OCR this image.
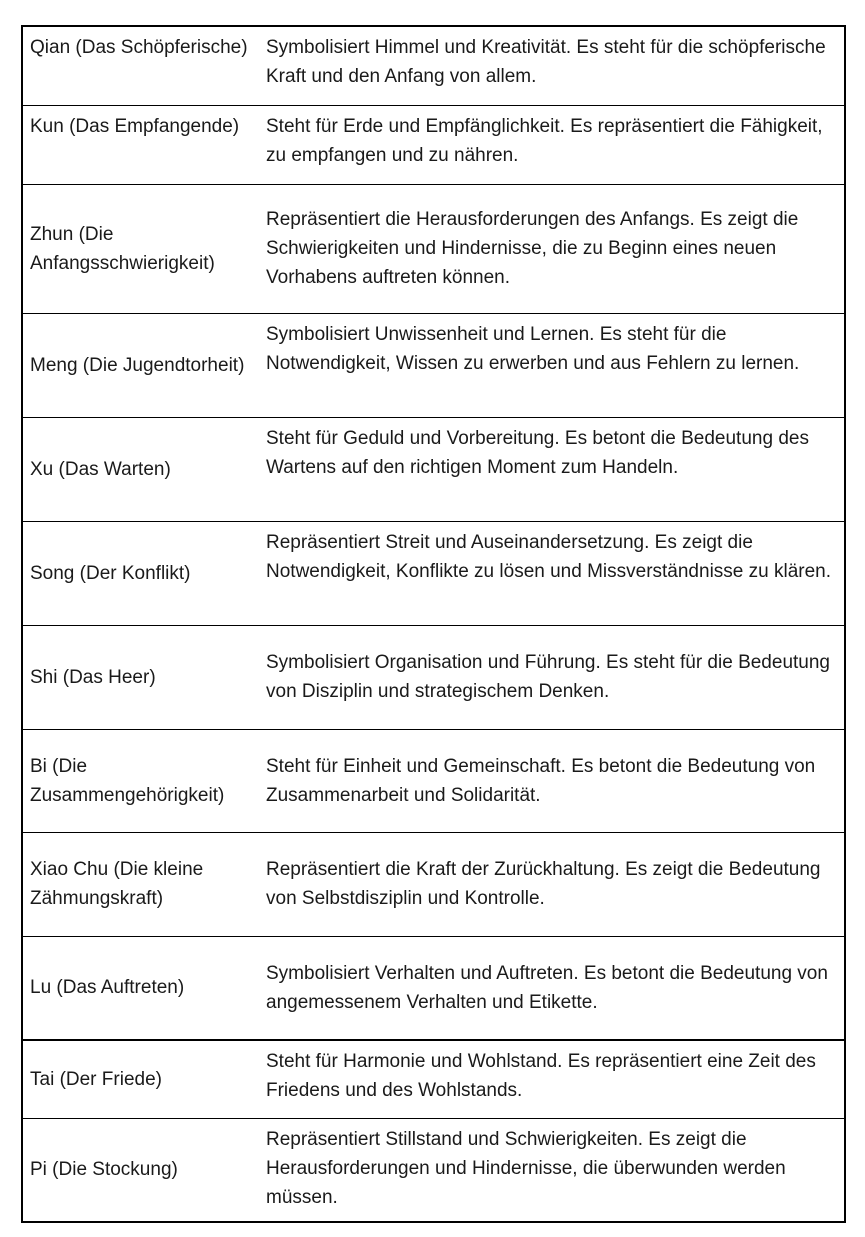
Qian (Das Schöpferische)	Symbolisiert Himmel und Kreativität. Es steht für die schöpferische Kraft und den Anfang von allem.
Kun (Das Empfangende)	Steht für Erde und Empfänglichkeit. Es repräsentiert die Fähigkeit, zu empfangen und zu nähren.
Zhun (Die Anfangsschwierigkeit)	Repräsentiert die Herausforderungen des Anfangs. Es zeigt die Schwierigkeiten und Hindernisse, die zu Beginn eines neuen Vorhabens auftreten können.
Meng (Die Jugendtorheit)	Symbolisiert Unwissenheit und Lernen. Es steht für die Notwendigkeit, Wissen zu erwerben und aus Fehlern zu lernen.
Xu (Das Warten)	Steht für Geduld und Vorbereitung. Es betont die Bedeutung des Wartens auf den richtigen Moment zum Handeln.
Song (Der Konflikt)	Repräsentiert Streit und Auseinandersetzung. Es zeigt die Notwendigkeit, Konflikte zu lösen und Missverständnisse zu klären.
Shi (Das Heer)	Symbolisiert Organisation und Führung. Es steht für die Bedeutung von Disziplin und strategischem Denken.
Bi (Die Zusammengehörigkeit)	Steht für Einheit und Gemeinschaft. Es betont die Bedeutung von Zusammenarbeit und Solidarität.
Xiao Chu (Die kleine Zähmungskraft)	Repräsentiert die Kraft der Zurückhaltung. Es zeigt die Bedeutung von Selbstdisziplin und Kontrolle.
Lu (Das Auftreten)	Symbolisiert Verhalten und Auftreten. Es betont die Bedeutung von angemessenem Verhalten und Etikette.
Tai (Der Friede)	Steht für Harmonie und Wohlstand. Es repräsentiert eine Zeit des Friedens und des Wohlstands.
Pi (Die Stockung)	Repräsentiert Stillstand und Schwierigkeiten. Es zeigt die Herausforderungen und Hindernisse, die überwunden werden müssen.
